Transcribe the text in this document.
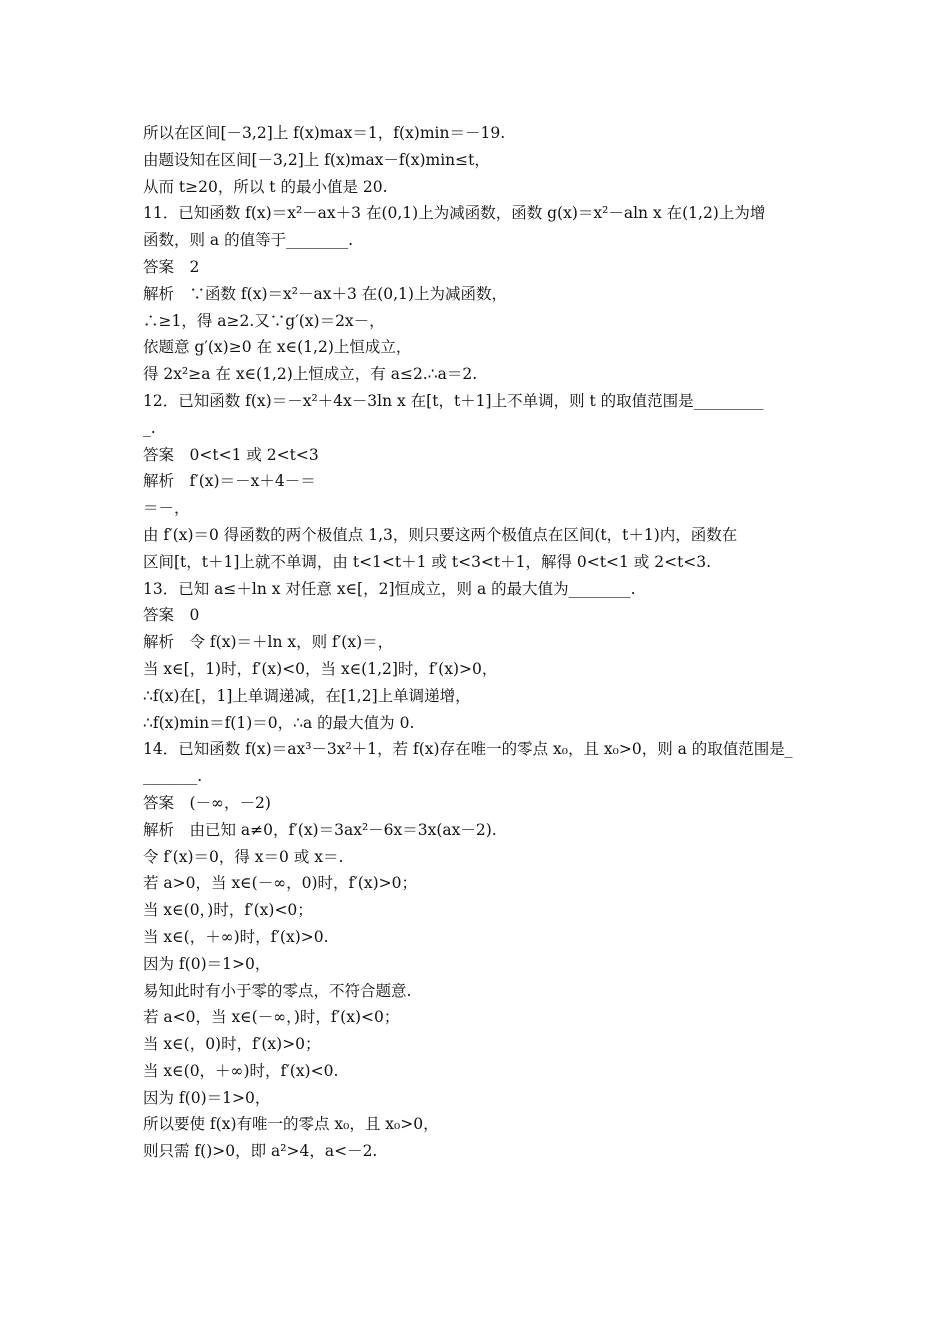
所以在区间[－3,2]上 f(x)max＝1，f(x)min＝－19.
由题设知在区间[－3,2]上 f(x)max－f(x)min≤t，
从而 t≥20，所以 t 的最小值是 20.
11．已知函数 f(x)＝x²－ax＋3 在(0,1)上为减函数，函数 g(x)＝x²－aln x 在(1,2)上为增
函数，则 a 的值等于________.
答案　2
解析　∵函数 f(x)＝x²－ax＋3 在(0,1)上为减函数，
∴≥1，得 a≥2.又∵g′(x)＝2x－，
依题意 g′(x)≥0 在 x∈(1,2)上恒成立，
得 2x²≥a 在 x∈(1,2)上恒成立，有 a≤2.∴a＝2.
12．已知函数 f(x)＝－x²＋4x－3ln x 在[t，t＋1]上不单调，则 t 的取值范围是_________
_.
答案　0<t<1 或 2<t<3
解析　f′(x)＝－x＋4－＝
＝－，
由 f′(x)＝0 得函数的两个极值点 1,3，则只要这两个极值点在区间(t，t＋1)内，函数在
区间[t，t＋1]上就不单调，由 t<1<t＋1 或 t<3<t＋1，解得 0<t<1 或 2<t<3.
13．已知 a≤＋ln x 对任意 x∈[，2]恒成立，则 a 的最大值为________.
答案　0
解析　令 f(x)＝＋ln x，则 f′(x)＝，
当 x∈[，1)时，f′(x)<0，当 x∈(1,2]时，f′(x)>0，
∴f(x)在[，1]上单调递减，在[1,2]上单调递增，
∴f(x)min＝f(1)＝0，∴a 的最大值为 0.
14．已知函数 f(x)＝ax³－3x²＋1，若 f(x)存在唯一的零点 x₀，且 x₀>0，则 a 的取值范围是_
_______.
答案　(－∞，－2)
解析　由已知 a≠0，f′(x)＝3ax²－6x＝3x(ax－2).
令 f′(x)＝0，得 x＝0 或 x＝.
若 a>0，当 x∈(－∞，0)时，f′(x)>0；
当 x∈(0，)时，f′(x)<0；
当 x∈(，＋∞)时，f′(x)>0.
因为 f(0)＝1>0，
易知此时有小于零的零点，不符合题意.
若 a<0，当 x∈(－∞，)时，f′(x)<0；
当 x∈(，0)时，f′(x)>0；
当 x∈(0，＋∞)时，f′(x)<0.
因为 f(0)＝1>0，
所以要使 f(x)有唯一的零点 x₀，且 x₀>0，
则只需 f()>0，即 a²>4，a<－2.
